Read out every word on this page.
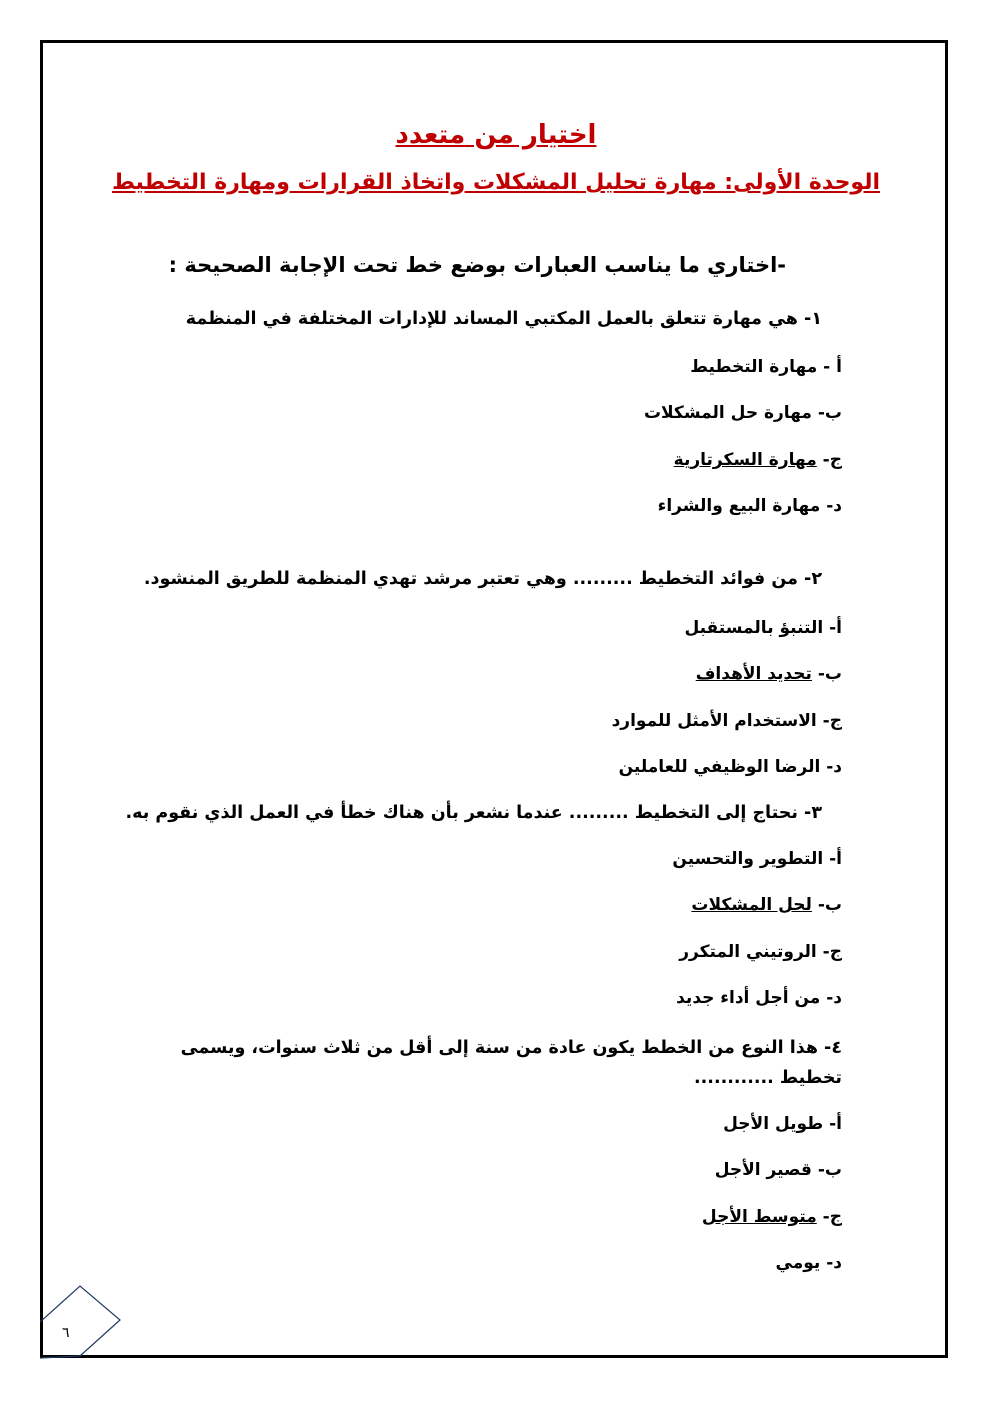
اختيار من متعدد
الوحدة الأولى: مهارة تحليل المشكلات واتخاذ القرارات ومهارة التخطيط
-اختاري ما يناسب العبارات بوضع خط تحت الإجابة الصحيحة :
١- هي مهارة تتعلق بالعمل المكتبي المساند للإدارات المختلفة في المنظمة
أ - مهارة التخطيط
ب- مهارة حل المشكلات
ج- مهارة السكرتارية
د- مهارة البيع والشراء
٢- من فوائد التخطيط ......... وهي تعتبر مرشد تهدي المنظمة للطريق المنشود.
أ- التنبؤ بالمستقبل
ب- تحديد الأهداف
ج- الاستخدام الأمثل للموارد
د- الرضا الوظيفي للعاملين
٣- نحتاج إلى التخطيط ......... عندما نشعر بأن هناك خطأ في العمل الذي نقوم به.
أ- التطوير والتحسين
ب- لحل المشكلات
ج- الروتيني المتكرر
د- من أجل أداء جديد
٤- هذا النوع من الخطط يكون عادة من سنة إلى أقل من ثلاث سنوات، ويسمى تخطيط ............
أ- طويل الأجل
ب- قصير الأجل
ج- متوسط الأجل
د- يومي
٦
